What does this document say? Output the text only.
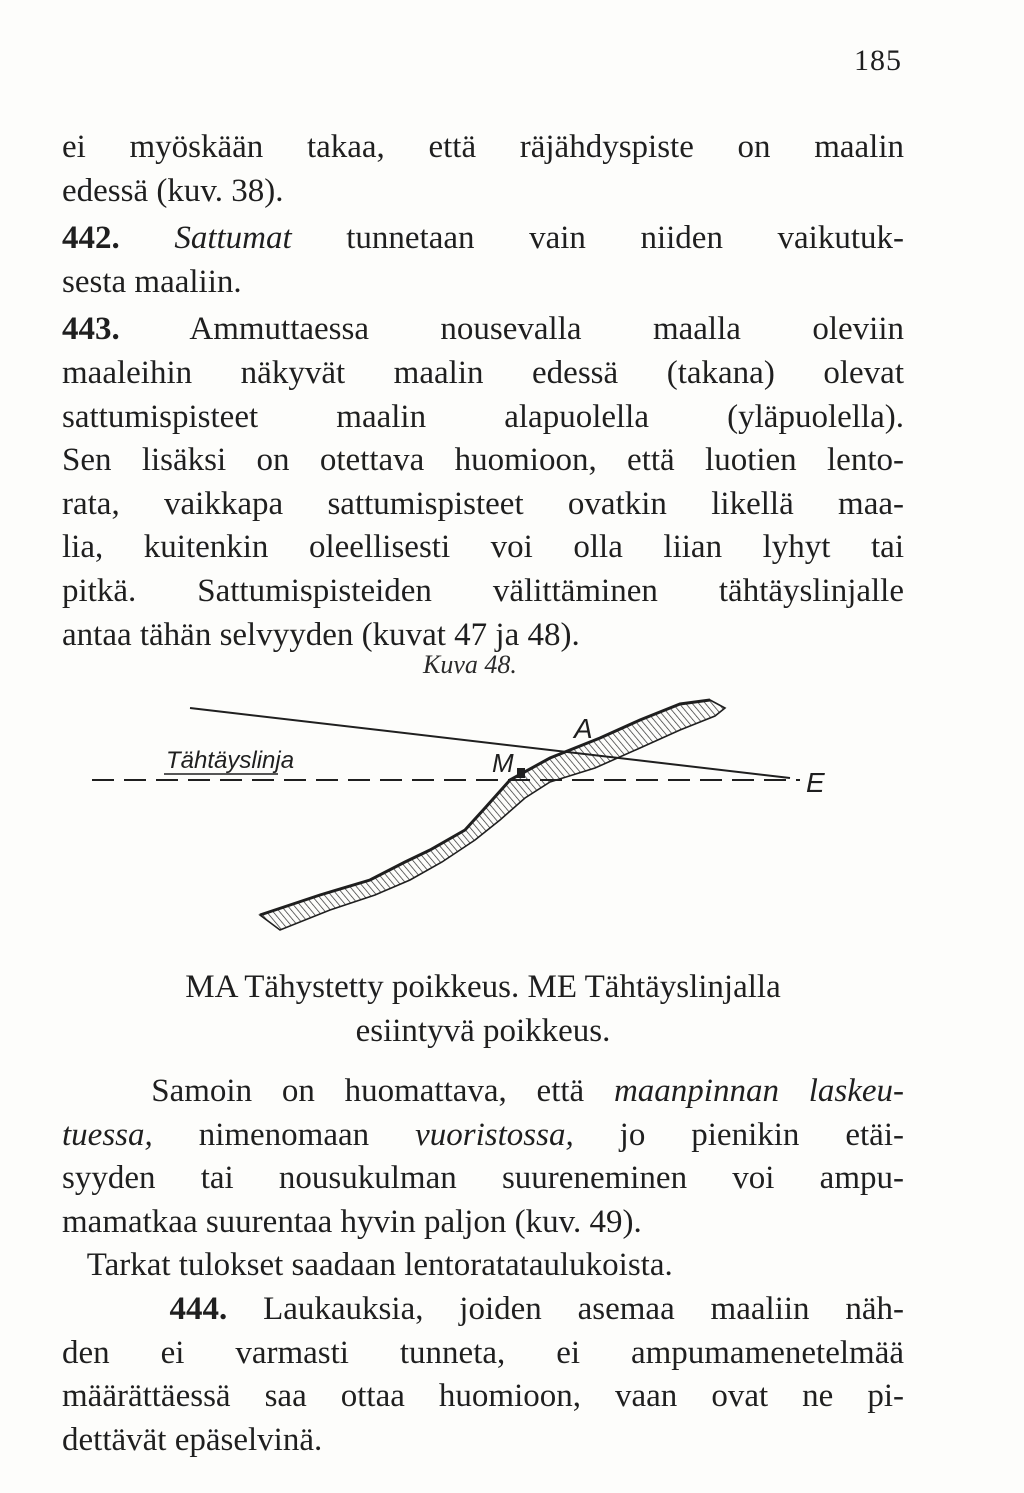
185
ei myöskään takaa, että räjähdyspiste on maalin
edessä (kuv. 38).
442. Sattumat tunnetaan vain niiden vaikutuk-
sesta maaliin.
443. Ammuttaessa nousevalla maalla oleviin
maaleihin näkyvät maalin edessä (takana) olevat
sattumispisteet maalin alapuolella (yläpuolella).
Sen lisäksi on otettava huomioon, että luotien lento-
rata, vaikkapa sattumispisteet ovatkin likellä maa-
lia, kuitenkin oleellisesti voi olla liian lyhyt tai
pitkä. Sattumispisteiden välittäminen tähtäyslinjalle
antaa tähän selvyyden (kuvat 47 ja 48).
Kuva 48.
Tähtäyslinja	M
A
E
MA Tähystetty poikkeus. ME Tähtäyslinjalla
esiintyvä poikkeus.
Samoin on huomattava, että maanpinnan laskeu-
tuessa, nimenomaan vuoristossa, jo pienikin etäi-
syyden tai nousukulman suureneminen voi ampu-
mamatkaa suurentaa hyvin paljon (kuv. 49).
Tarkat tulokset saadaan lentoratataulukoista.
444. Laukauksia, joiden asemaa maaliin näh-
den ei varmasti tunneta, ei ampumamenetelmää
määrättäessä saa ottaa huomioon, vaan ovat ne pi-
dettävät epäselvinä.
